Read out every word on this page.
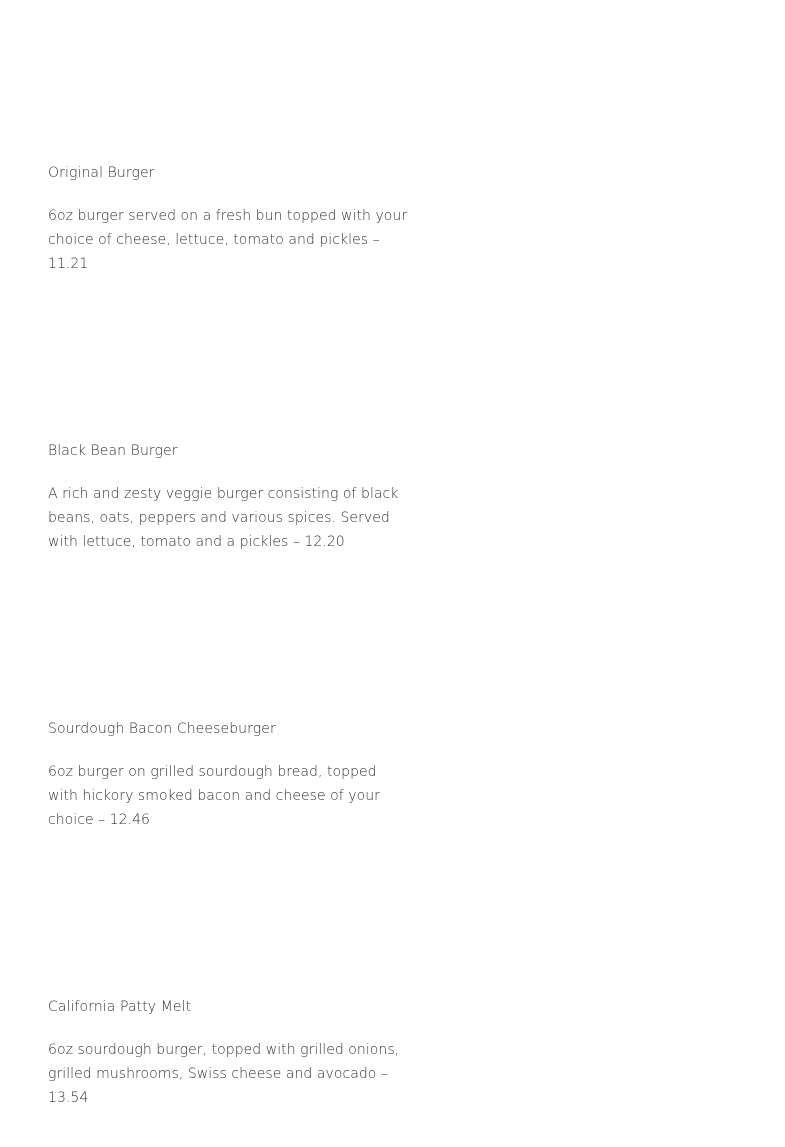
Original Burger

6oz burger served on a fresh bun topped with your choice of cheese, lettuce, tomato and pickles – 11.21

Black Bean Burger

A rich and zesty veggie burger consisting of black beans, oats, peppers and various spices. Served with lettuce, tomato and a pickles – 12.20

Sourdough Bacon Cheeseburger

6oz burger on grilled sourdough bread, topped with hickory smoked bacon and cheese of your choice – 12.46

California Patty Melt

6oz sourdough burger, topped with grilled onions, grilled mushrooms, Swiss cheese and avocado – 13.54
